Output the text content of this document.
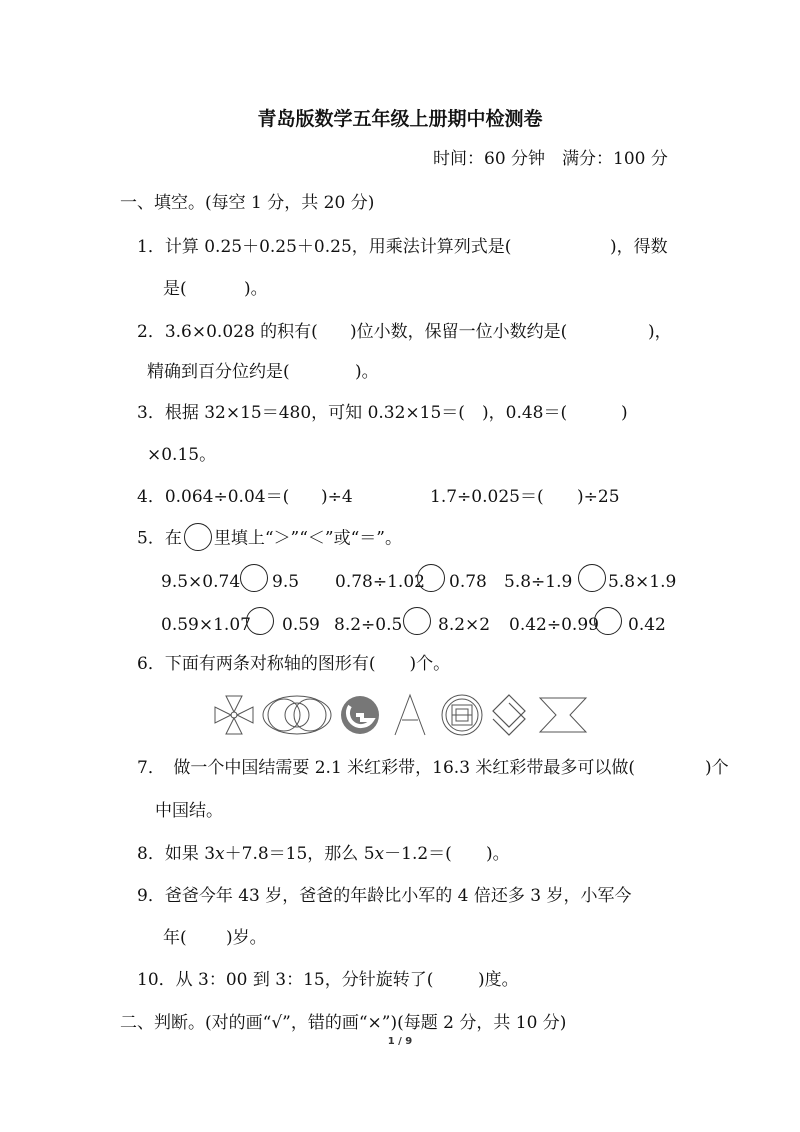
青岛版数学五年级上册期中检测卷
时间：60 分钟　满分：100 分
一、填空。(每空 1 分，共 20 分)
1．计算 0.25＋0.25＋0.25，用乘法计算列式是(	)，得数
是(	)。
2．3.6×0.028 的积有( )位小数，保留一位小数约是(	)，
精确到百分位约是(	)。
3．根据 32×15＝480，可知 0.32×15＝( )，0.48＝(	)
×0.15。
4．0.064÷0.04＝( )÷4	1.7÷0.025＝( )÷25
5．在 里填上“＞”“＜”或“＝”。
9.5×0.74 9.5 0.78÷1.02 0.78 5.8÷1.9 5.8×1.9
0.59×1.07 0.59 8.2÷0.5 8.2×2 0.42÷0.99 0.42
6．下面有两条对称轴的图形有(　　)个。
7．　做一个中国结需要 2.1 米红彩带，16.3 米红彩带最多可以做(	)个
中国结。
8．如果 3x＋7.8＝15，那么 5x－1.2＝( )。
9．爸爸今年 43 岁，爸爸的年龄比小军的 4 倍还多 3 岁，小军今
年( )岁。
10．从 3：00 到 3：15，分针旋转了(	)度。
二、判断。(对的画“√”，错的画“×”)(每题 2 分，共 10 分)
1 / 9
